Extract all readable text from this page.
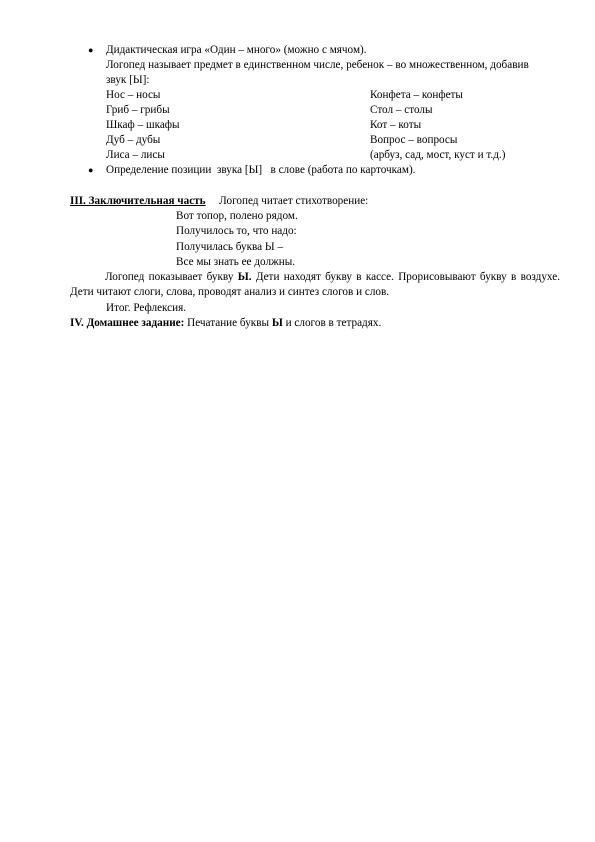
● Дидактическая игра «Один – много» (можно с мячом).
Логопед называет предмет в единственном числе, ребенок – во множественном, добавив
звук [Ы]:
Нос – носы
Гриб – грибы
Шкаф – шкафы
Дуб – дубы
Лиса – лисы
Конфета – конфеты
Стол – столы
Кот – коты
Вопрос – вопросы
(арбуз, сад, мост, куст и т.д.)
● Определение позиции  звука [Ы]   в слове (работа по карточкам).
III. Заключительная часть Логопед читает стихотворение:
Вот топор, полено рядом.
Получилось то, что надо:
Получилась буква Ы –
Все мы знать ее должны.
Логопед показывает букву Ы. Дети находят букву в кассе. Прорисовывают букву в воздухе. Дети читают слоги, слова, проводят анализ и синтез слогов и слов.
Итог. Рефлексия.
IV. Домашнее задание: Печатание буквы Ы и слогов в тетрадях.
